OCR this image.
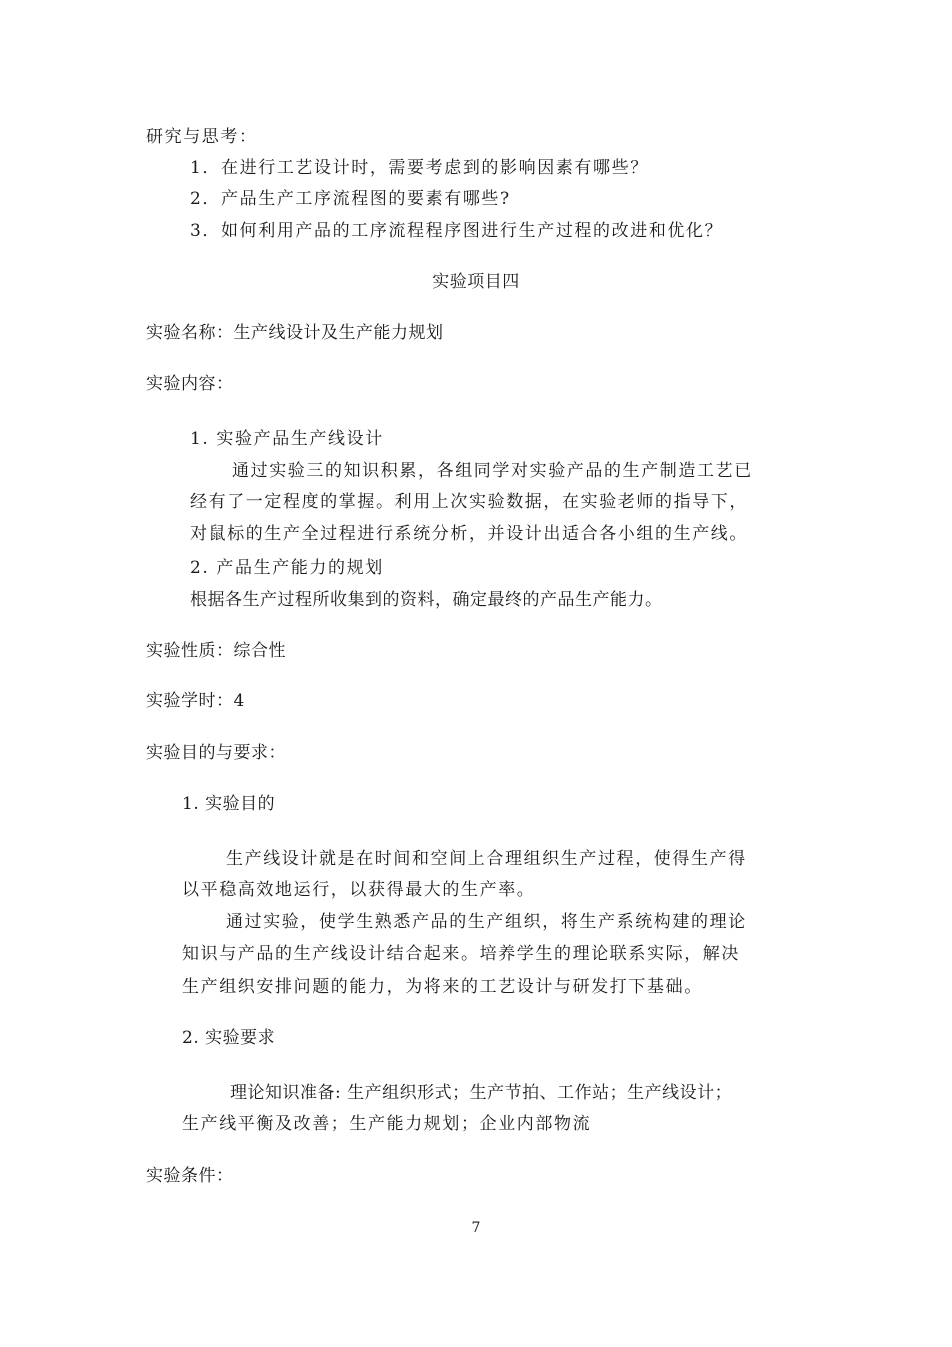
研究与思考：
1．在进行工艺设计时，需要考虑到的影响因素有哪些？
2．产品生产工序流程图的要素有哪些?
3．如何利用产品的工序流程程序图进行生产过程的改进和优化？
实验项目四
实验名称：生产线设计及生产能力规划
实验内容：
1. 实验产品生产线设计
通过实验三的知识积累，各组同学对实验产品的生产制造工艺已
经有了一定程度的掌握。利用上次实验数据，在实验老师的指导下，
对鼠标的生产全过程进行系统分析，并设计出适合各小组的生产线。
2. 产品生产能力的规划
根据各生产过程所收集到的资料，确定最终的产品生产能力。
实验性质：综合性
实验学时：4
实验目的与要求：
1. 实验目的
生产线设计就是在时间和空间上合理组织生产过程，使得生产得
以平稳高效地运行，以获得最大的生产率。
通过实验，使学生熟悉产品的生产组织，将生产系统构建的理论
知识与产品的生产线设计结合起来。培养学生的理论联系实际，解决
生产组织安排问题的能力，为将来的工艺设计与研发打下基础。
2. 实验要求
理论知识准备: 生产组织形式；生产节拍、工作站；生产线设计；
生产线平衡及改善；生产能力规划；企业内部物流
实验条件：
7
